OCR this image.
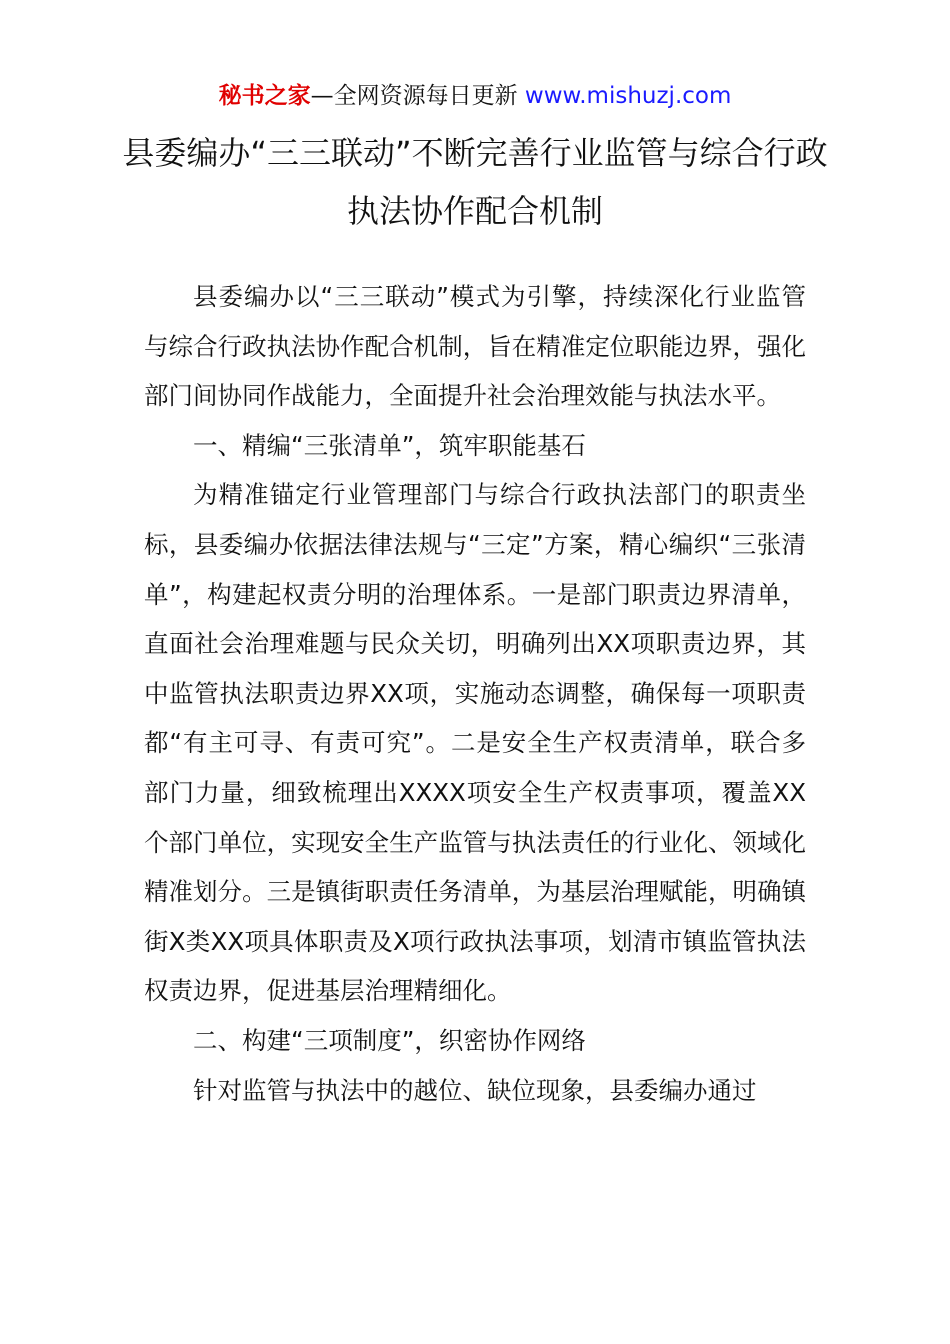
秘书之家—全网资源每日更新 www.mishuzj.com
县委编办“三三联动”不断完善行业监管与综合行政执法协作配合机制

县委编办以“三三联动”模式为引擎，持续深化行业监管与综合行政执法协作配合机制，旨在精准定位职能边界，强化部门间协同作战能力，全面提升社会治理效能与执法水平。

一、精编“三张清单”，筑牢职能基石

为精准锚定行业管理部门与综合行政执法部门的职责坐标，县委编办依据法律法规与“三定”方案，精心编织“三张清单”，构建起权责分明的治理体系。一是部门职责边界清单，直面社会治理难题与民众关切，明确列出XX项职责边界，其中监管执法职责边界XX项，实施动态调整，确保每一项职责都“有主可寻、有责可究”。二是安全生产权责清单，联合多部门力量，细致梳理出XXXX项安全生产权责事项，覆盖XX个部门单位，实现安全生产监管与执法责任的行业化、领域化精准划分。三是镇街职责任务清单，为基层治理赋能，明确镇街X类XX项具体职责及X项行政执法事项，划清市镇监管执法权责边界，促进基层治理精细化。

二、构建“三项制度”，织密协作网络

针对监管与执法中的越位、缺位现象，县委编办通过
